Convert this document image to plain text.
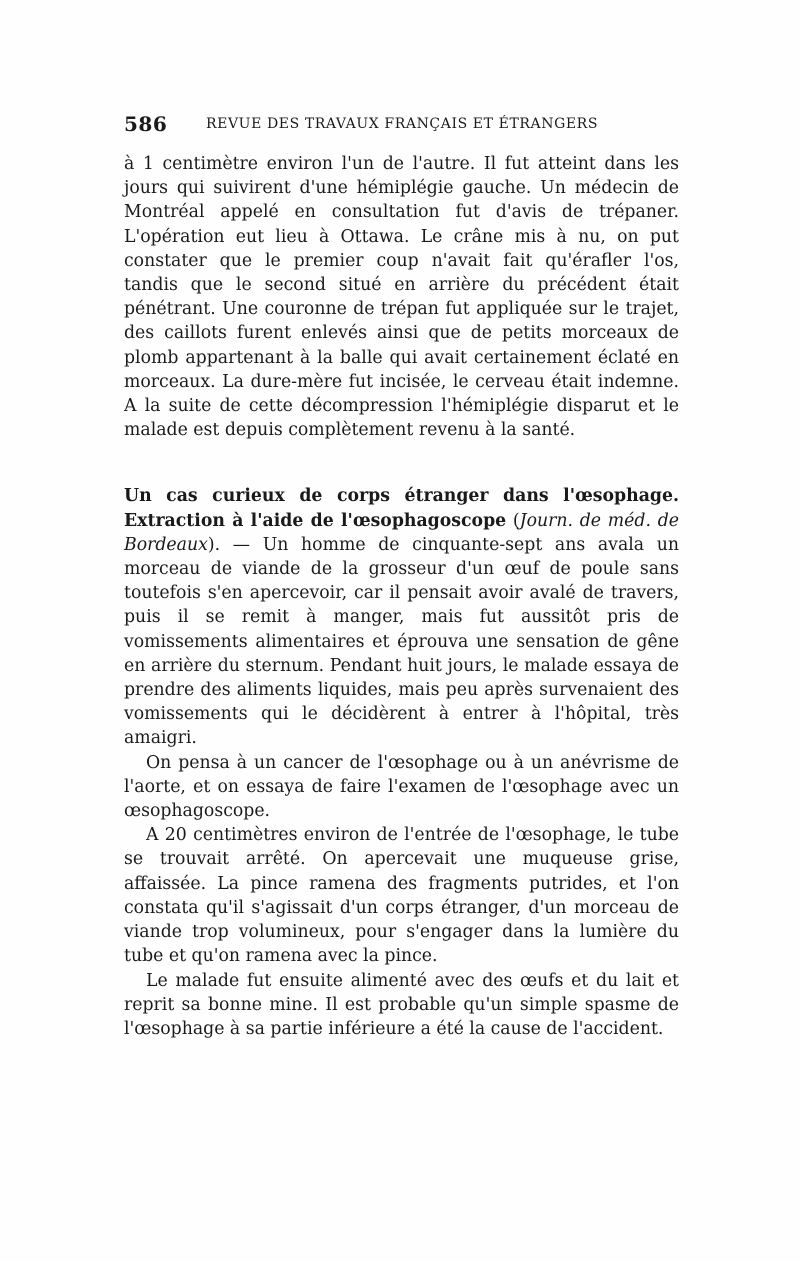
586	REVUE DES TRAVAUX FRANÇAIS ET ÉTRANGERS

à 1 centimètre environ l'un de l'autre. Il fut atteint dans les jours qui suivirent d'une hémiplégie gauche. Un médecin de Montréal appelé en consultation fut d'avis de trépaner. L'opération eut lieu à Ottawa. Le crâne mis à nu, on put constater que le premier coup n'avait fait qu'érafler l'os, tandis que le second situé en arrière du précédent était pénétrant. Une couronne de trépan fut appliquée sur le trajet, des caillots furent enlevés ainsi que de petits morceaux de plomb appartenant à la balle qui avait certainement éclaté en morceaux. La dure-mère fut incisée, le cerveau était indemne. A la suite de cette décompression l'hémiplégie disparut et le malade est depuis complètement revenu à la santé.

Un cas curieux de corps étranger dans l'œsophage. Extraction à l'aide de l'œsophagoscope (Journ. de méd. de Bordeaux). — Un homme de cinquante-sept ans avala un morceau de viande de la grosseur d'un œuf de poule sans toutefois s'en apercevoir, car il pensait avoir avalé de travers, puis il se remit à manger, mais fut aussitôt pris de vomissements alimentaires et éprouva une sensation de gêne en arrière du sternum. Pendant huit jours, le malade essaya de prendre des aliments liquides, mais peu après survenaient des vomissements qui le décidèrent à entrer à l'hôpital, très amaigri.

On pensa à un cancer de l'œsophage ou à un anévrisme de l'aorte, et on essaya de faire l'examen de l'œsophage avec un œsophagoscope.

A 20 centimètres environ de l'entrée de l'œsophage, le tube se trouvait arrêté. On apercevait une muqueuse grise, affaissée. La pince ramena des fragments putrides, et l'on constata qu'il s'agissait d'un corps étranger, d'un morceau de viande trop volumineux, pour s'engager dans la lumière du tube et qu'on ramena avec la pince.

Le malade fut ensuite alimenté avec des œufs et du lait et reprit sa bonne mine. Il est probable qu'un simple spasme de l'œsophage à sa partie inférieure a été la cause de l'accident.
